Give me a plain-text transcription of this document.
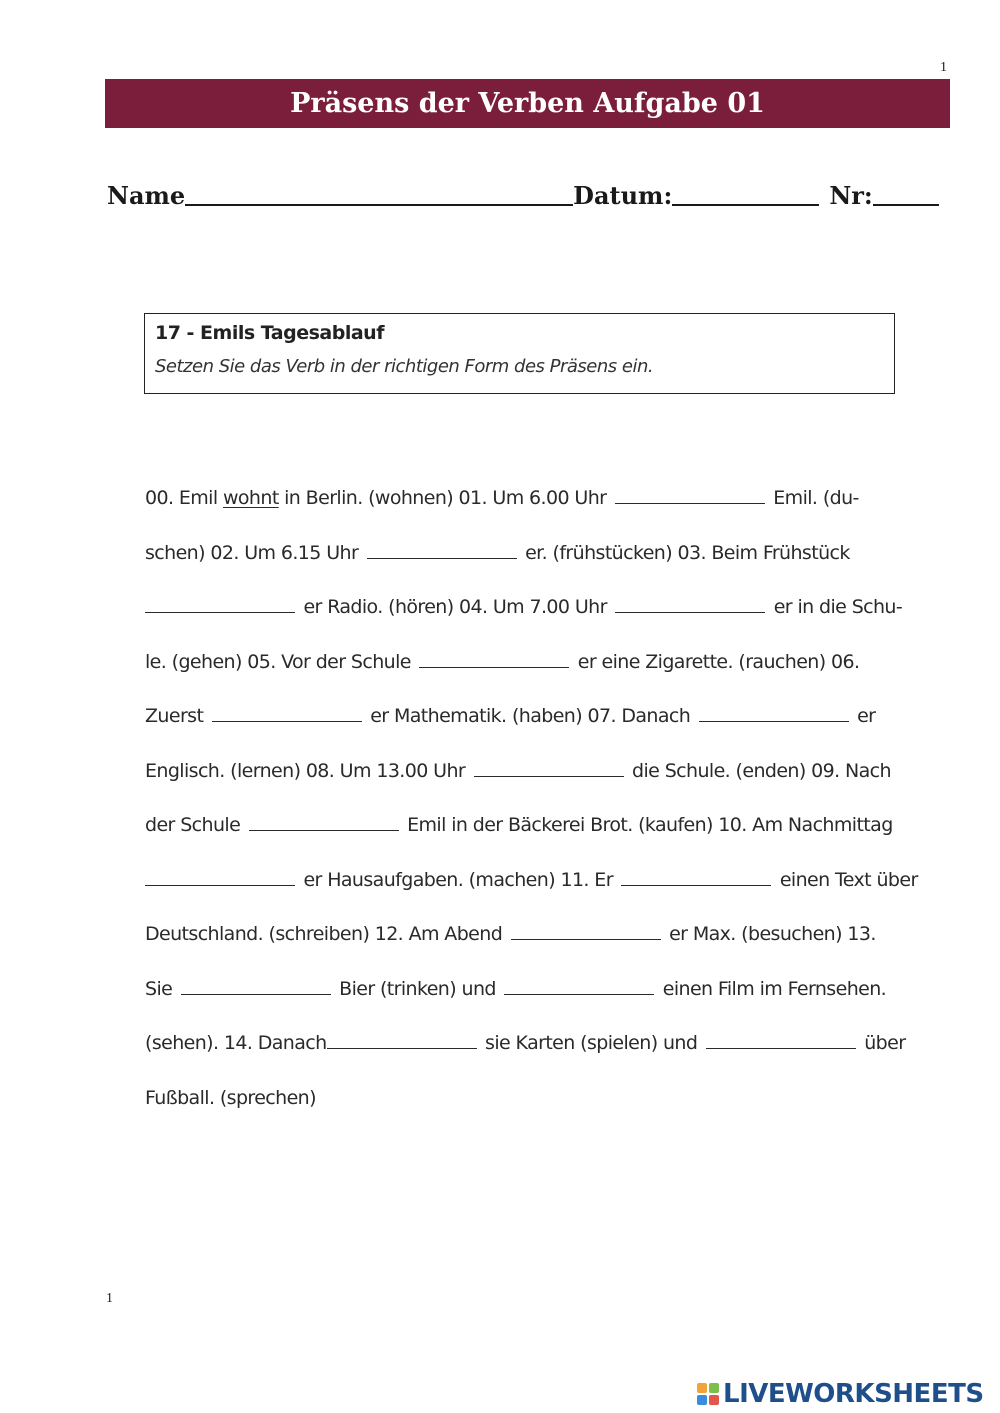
1
Präsens der Verben Aufgabe 01
Name	Datum:	Nr:
17 - Emils Tagesablauf
Setzen Sie das Verb in der richtigen Form des Präsens ein.
00. Emil wohnt in Berlin. (wohnen) 01. Um 6.00 Uhr	Emil. (du-
schen) 02. Um 6.15 Uhr	er. (frühstücken) 03. Beim Frühstück
er Radio. (hören) 04. Um 7.00 Uhr	er in die Schu-
le. (gehen) 05. Vor der Schule	er eine Zigarette. (rauchen) 06.
Zuerst	er Mathematik. (haben) 07. Danach	er
Englisch. (lernen) 08. Um 13.00 Uhr	die Schule. (enden) 09. Nach
der Schule	Emil in der Bäckerei Brot. (kaufen) 10. Am Nachmittag
er Hausaufgaben. (machen) 11. Er	einen Text über
Deutschland. (schreiben) 12. Am Abend	er Max. (besuchen) 13.
Sie	Bier (trinken) und	einen Film im Fernsehen.
(sehen). 14. Danach	sie Karten (spielen) und	über
Fußball. (sprechen)
1
LIVEWORKSHEETS
